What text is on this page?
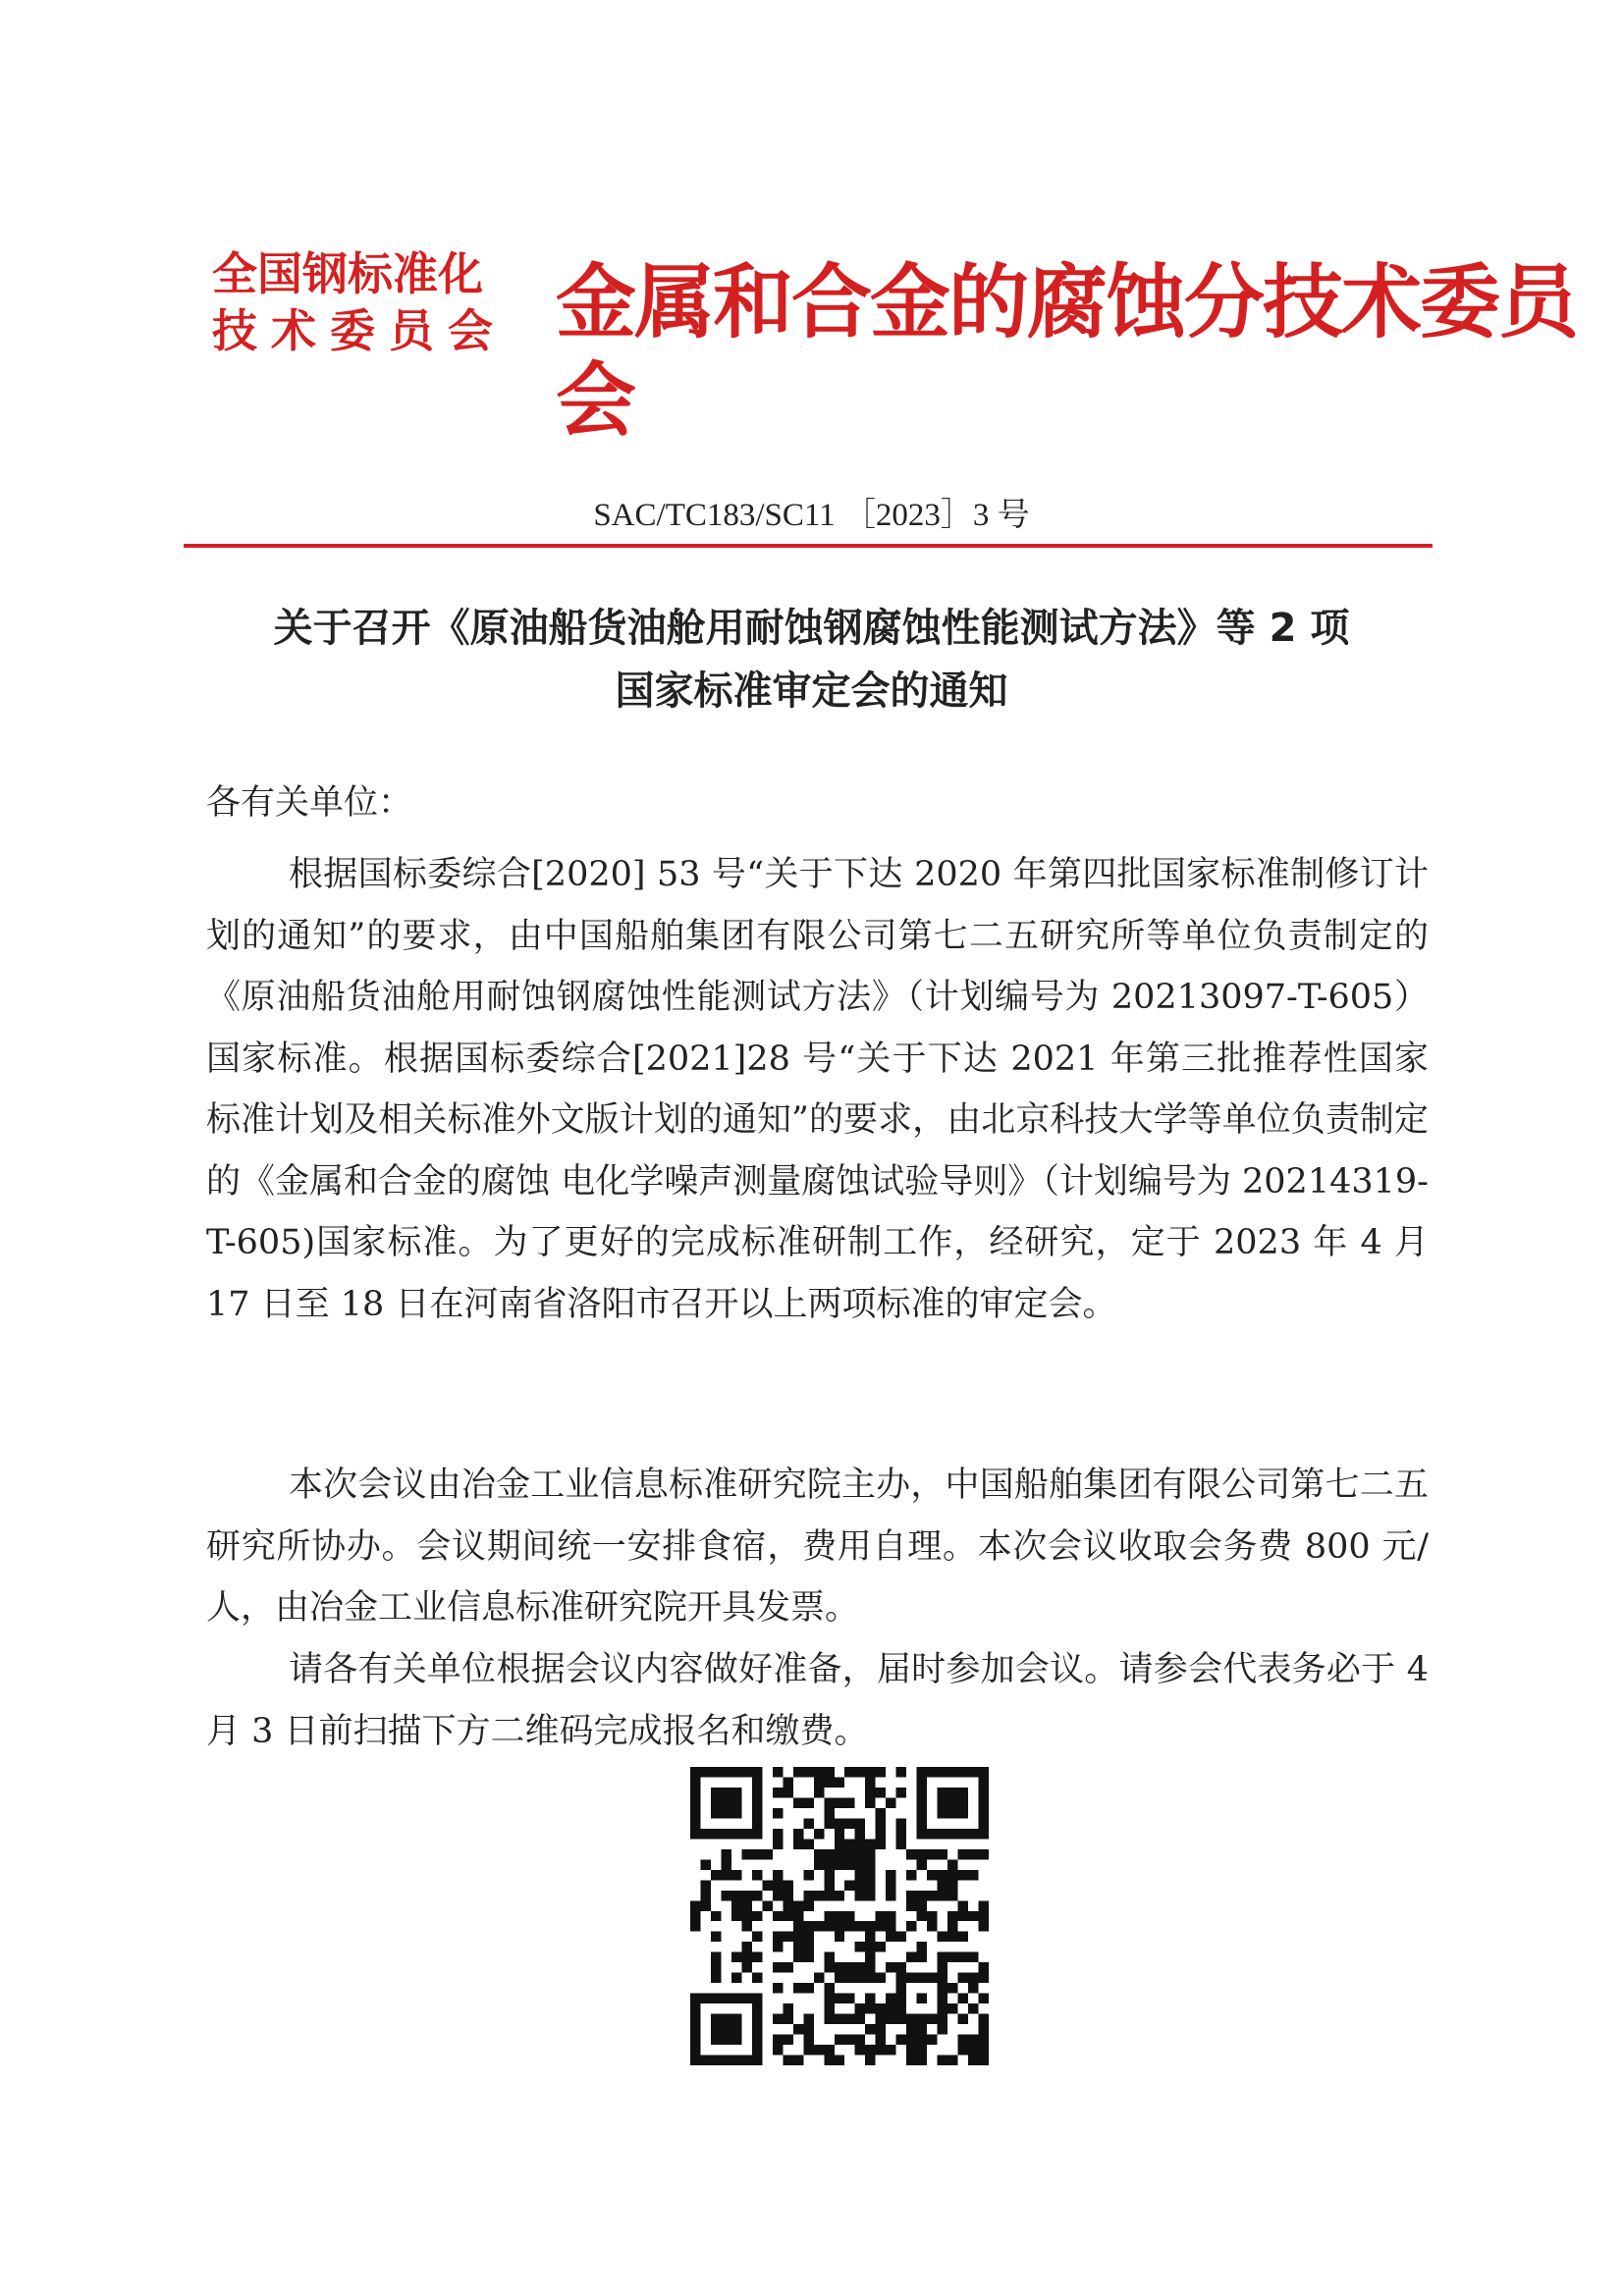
全国钢标准化
技术委员会 金属和合金的腐蚀分技术委员会
SAC/TC183/SC11 ［2023］3 号
关于召开《原油船货油舱用耐蚀钢腐蚀性能测试方法》等 2 项
国家标准审定会的通知
各有关单位：

根据国标委综合[2020] 53 号“关于下达 2020 年第四批国家标准制修订计划的通知”的要求，由中国船舶集团有限公司第七二五研究所等单位负责制定的《原油船货油舱用耐蚀钢腐蚀性能测试方法》（计划编号为 20213097-T-605）国家标准。根据国标委综合[2021]28 号“关于下达 2021 年第三批推荐性国家标准计划及相关标准外文版计划的通知”的要求，由北京科技大学等单位负责制定的《金属和合金的腐蚀 电化学噪声测量腐蚀试验导则》（计划编号为 20214319-T-605)国家标准。为了更好的完成标准研制工作，经研究，定于 2023 年 4 月 17 日至 18 日在河南省洛阳市召开以上两项标准的审定会。

本次会议由冶金工业信息标准研究院主办，中国船舶集团有限公司第七二五研究所协办。会议期间统一安排食宿，费用自理。本次会议收取会务费 800 元/人，由冶金工业信息标准研究院开具发票。

请各有关单位根据会议内容做好准备，届时参加会议。请参会代表务必于 4 月 3 日前扫描下方二维码完成报名和缴费。
